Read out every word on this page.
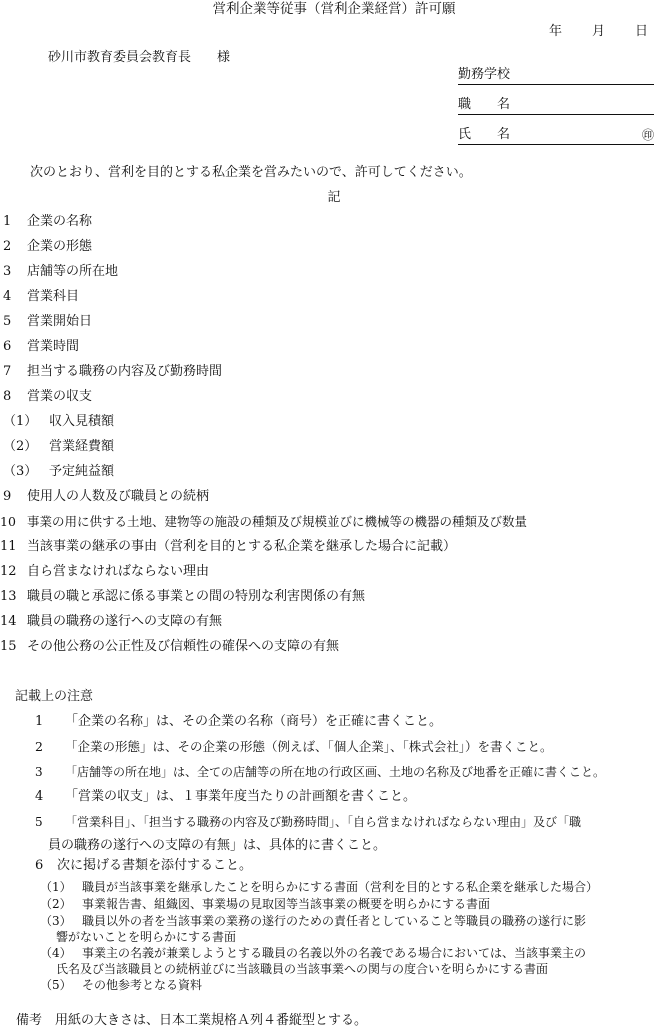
営利企業等従事（営利企業経営）許可願
年 月 日
砂川市教育委員会教育長　　様
勤務学校
職　　名
氏　　名	㊞
次のとおり、営利を目的とする私企業を営みたいので、許可してください。
記
1 企業の名称
2 企業の形態
3 店舗等の所在地
4 営業科目
5 営業開始日
6 営業時間
7 担当する職務の内容及び勤務時間
8 営業の収支
（1） 収入見積額
（2） 営業経費額
（3） 予定純益額
9 使用人の人数及び職員との続柄
10 事業の用に供する土地、建物等の施設の種類及び規模並びに機械等の機器の種類及び数量
11 当該事業の継承の事由（営利を目的とする私企業を継承した場合に記載）
12 自ら営まなければならない理由
13 職員の職と承認に係る事業との間の特別な利害関係の有無
14 職員の職務の遂行への支障の有無
15 その他公務の公正性及び信頼性の確保への支障の有無
記載上の注意
1 「企業の名称」は、その企業の名称（商号）を正確に書くこと。
2 「企業の形態」は、その企業の形態（例えば、「個人企業」、「株式会社」）を書くこと。
3 「店舗等の所在地」は、全ての店舗等の所在地の行政区画、土地の名称及び地番を正確に書くこと。
4 「営業の収支」は、１事業年度当たりの計画額を書くこと。
5 「営業科目」、「担当する職務の内容及び勤務時間」、「自ら営まなければならない理由」及び「職
員の職務の遂行への支障の有無」は、具体的に書くこと。
6 次に掲げる書類を添付すること。
（1） 職員が当該事業を継承したことを明らかにする書面（営利を目的とする私企業を継承した場合）
（2） 事業報告書、組織図、事業場の見取図等当該事業の概要を明らかにする書面
（3） 職員以外の者を当該事業の業務の遂行のための責任者としていること等職員の職務の遂行に影
響がないことを明らかにする書面
（4） 事業主の名義が兼業しようとする職員の名義以外の名義である場合においては、当該事業主の
氏名及び当該職員との続柄並びに当該職員の当該事業への関与の度合いを明らかにする書面
（5） その他参考となる資料
備考　用紙の大きさは、日本工業規格Ａ列４番縦型とする。
